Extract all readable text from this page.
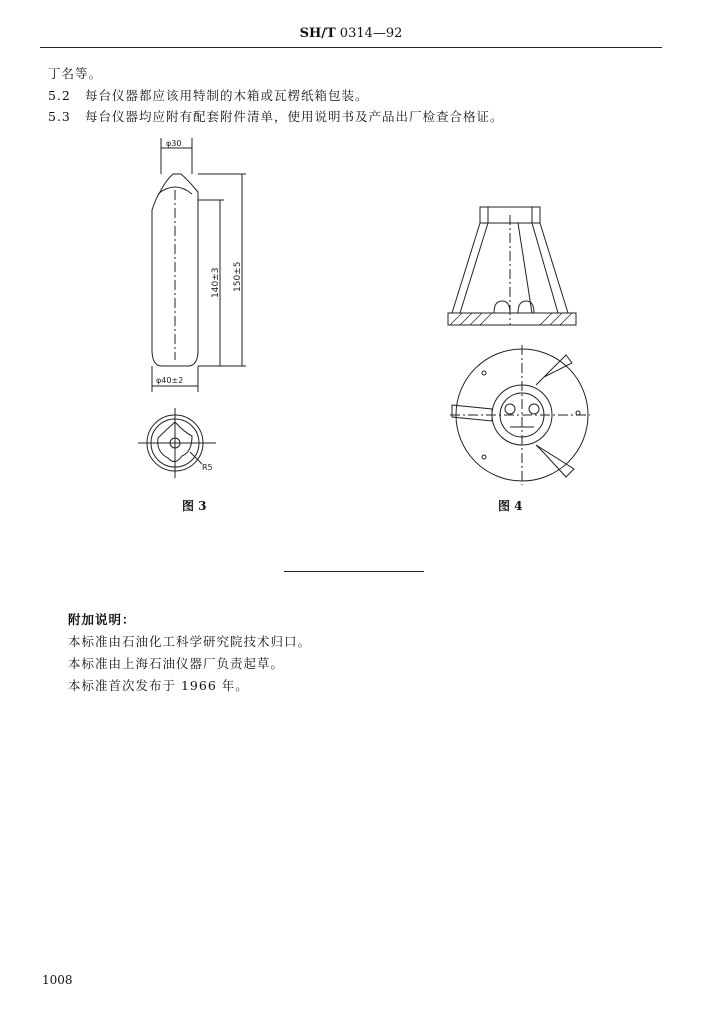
SH/T 0314—92
丁名等。
5.2 每台仪器都应该用特制的木箱或瓦楞纸箱包装。
5.3 每台仪器均应附有配套附件清单，使用说明书及产品出厂检查合格证。
φ30
140±3 150±5
φ40±2
R5
图 3	图 4
附加说明：
本标准由石油化工科学研究院技术归口。
本标准由上海石油仪器厂负责起草。
本标准首次发布于 1966 年。
1008
